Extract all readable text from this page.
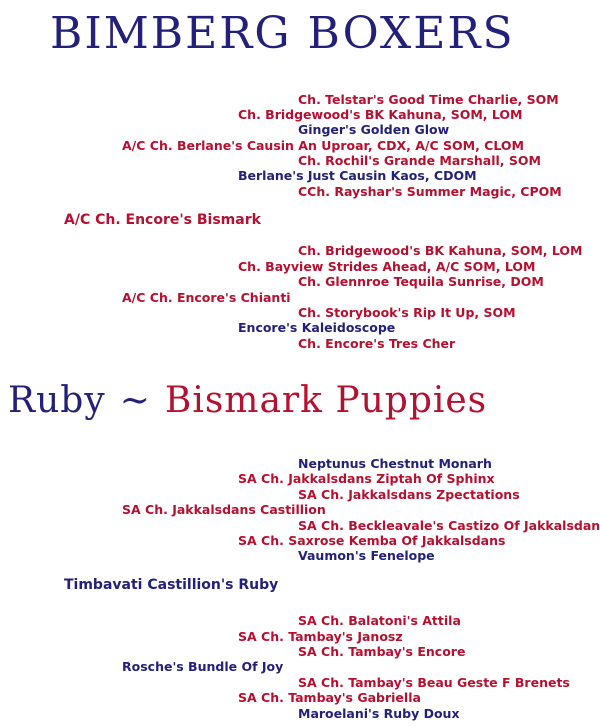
BIMBERG BOXERS
Ch. Telstar's Good Time Charlie, SOM
Ch. Bridgewood's BK Kahuna, SOM, LOM
Ginger's Golden Glow
A/C Ch. Berlane's Causin An Uproar, CDX, A/C SOM, CLOM
Ch. Rochil's Grande Marshall, SOM
Berlane's Just Causin Kaos, CDOM
CCh. Rayshar's Summer Magic, CPOM
A/C Ch. Encore's Bismark
Ch. Bridgewood's BK Kahuna, SOM, LOM
Ch. Bayview Strides Ahead, A/C SOM, LOM
Ch. Glennroe Tequila Sunrise, DOM
A/C Ch. Encore's Chianti
Ch. Storybook's Rip It Up, SOM
Encore's Kaleidoscope
Ch. Encore's Tres Cher
Ruby ~ Bismark Puppies
Neptunus Chestnut Monarh
SA Ch. Jakkalsdans Ziptah Of Sphinx
SA Ch. Jakkalsdans Zpectations
SA Ch. Jakkalsdans Castillion
SA Ch. Beckleavale's Castizo Of Jakkalsdan
SA Ch. Saxrose Kemba Of Jakkalsdans
Vaumon's Fenelope
Timbavati Castillion's Ruby
SA Ch. Balatoni's Attila
SA Ch. Tambay's Janosz
SA Ch. Tambay's Encore
Rosche's Bundle Of Joy
SA Ch. Tambay's Beau Geste F Brenets
SA Ch. Tambay's Gabriella
Maroelani's Ruby Doux
